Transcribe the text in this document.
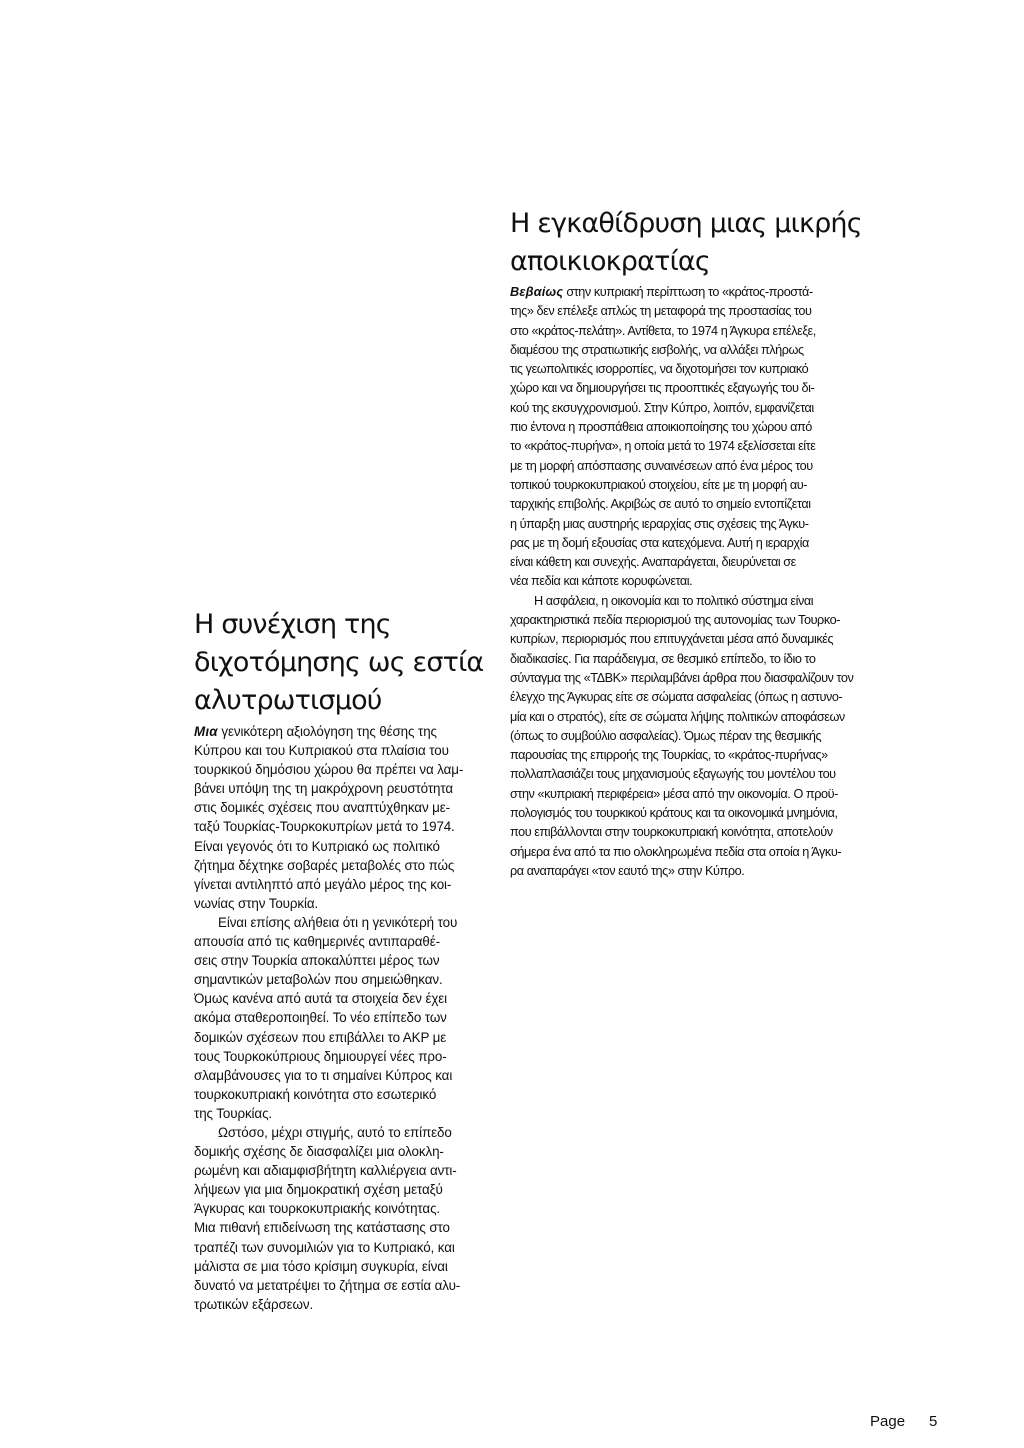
Η συνέχιση της
διχοτόμησης ως εστία
αλυτρωτισμού
Μια γενικότερη αξιολόγηση της θέσης της
Κύπρου και του Κυπριακού στα πλαίσια του
τουρκικού δημόσιου χώρου θα πρέπει να λαμ-
βάνει υπόψη της τη μακρόχρονη ρευστότητα
στις δομικές σχέσεις που αναπτύχθηκαν με-
ταξύ Τουρκίας-Τουρκοκυπρίων μετά το 1974.
Είναι γεγονός ότι το Κυπριακό ως πολιτικό
ζήτημα δέχτηκε σοβαρές μεταβολές στο πώς
γίνεται αντιληπτό από μεγάλο μέρος της κοι-
νωνίας στην Τουρκία.
Είναι επίσης αλήθεια ότι η γενικότερή του
απουσία από τις καθημερινές αντιπαραθέ-
σεις στην Τουρκία αποκαλύπτει μέρος των
σημαντικών μεταβολών που σημειώθηκαν.
Όμως κανένα από αυτά τα στοιχεία δεν έχει
ακόμα σταθεροποιηθεί. Το νέο επίπεδο των
δομικών σχέσεων που επιβάλλει το ΑΚΡ με
τους Τουρκοκύπριους δημιουργεί νέες προ-
σλαμβάνουσες για το τι σημαίνει Κύπρος και
τουρκοκυπριακή κοινότητα στο εσωτερικό
της Τουρκίας.
Ωστόσο, μέχρι στιγμής, αυτό το επίπεδο
δομικής σχέσης δε διασφαλίζει μια ολοκλη-
ρωμένη και αδιαμφισβήτητη καλλιέργεια αντι-
λήψεων για μια δημοκρατική σχέση μεταξύ
Άγκυρας και τουρκοκυπριακής κοινότητας.
Μια πιθανή επιδείνωση της κατάστασης στο
τραπέζι των συνομιλιών για το Κυπριακό, και
μάλιστα σε μια τόσο κρίσιμη συγκυρία, είναι
δυνατό να μετατρέψει το ζήτημα σε εστία αλυ-
τρωτικών εξάρσεων.
Η εγκαθίδρυση μιας μικρής
αποικιοκρατίας
Βεβαίως στην κυπριακή περίπτωση το «κράτος-προστά-
της» δεν επέλεξε απλώς τη μεταφορά της προστασίας του
στο «κράτος-πελάτη». Αντίθετα, το 1974 η Άγκυρα επέλεξε,
διαμέσου της στρατιωτικής εισβολής, να αλλάξει πλήρως
τις γεωπολιτικές ισορροπίες, να διχοτομήσει τον κυπριακό
χώρο και να δημιουργήσει τις προοπτικές εξαγωγής του δι-
κού της εκσυγχρονισμού. Στην Κύπρο, λοιπόν, εμφανίζεται
πιο έντονα η προσπάθεια αποικιοποίησης του χώρου από
το «κράτος-πυρήνα», η οποία μετά το 1974 εξελίσσεται είτε
με τη μορφή απόσπασης συναινέσεων από ένα μέρος του
τοπικού τουρκοκυπριακού στοιχείου, είτε με τη μορφή αυ-
ταρχικής επιβολής. Ακριβώς σε αυτό το σημείο εντοπίζεται
η ύπαρξη μιας αυστηρής ιεραρχίας στις σχέσεις της Άγκυ-
ρας με τη δομή εξουσίας στα κατεχόμενα. Αυτή η ιεραρχία
είναι κάθετη και συνεχής. Αναπαράγεται, διευρύνεται σε
νέα πεδία και κάποτε κορυφώνεται.
Η ασφάλεια, η οικονομία και το πολιτικό σύστημα είναι
χαρακτηριστικά πεδία περιορισμού της αυτονομίας των Τουρκο-
κυπρίων, περιορισμός που επιτυγχάνεται μέσα από δυναμικές
διαδικασίες. Για παράδειγμα, σε θεσμικό επίπεδο, το ίδιο το
σύνταγμα της «ΤΔΒΚ» περιλαμβάνει άρθρα που διασφαλίζουν τον
έλεγχο της Άγκυρας είτε σε σώματα ασφαλείας (όπως η αστυνο-
μία και ο στρατός), είτε σε σώματα λήψης πολιτικών αποφάσεων
(όπως το συμβούλιο ασφαλείας). Όμως πέραν της θεσμικής
παρουσίας της επιρροής της Τουρκίας, το «κράτος-πυρήνας»
πολλαπλασιάζει τους μηχανισμούς εξαγωγής του μοντέλου του
στην «κυπριακή περιφέρεια» μέσα από την οικονομία. Ο προϋ-
πολογισμός του τουρκικού κράτους και τα οικονομικά μνημόνια,
που επιβάλλονται στην τουρκοκυπριακή κοινότητα, αποτελούν
σήμερα ένα από τα πιο ολοκληρωμένα πεδία στα οποία η Άγκυ-
ρα αναπαράγει «τον εαυτό της» στην Κύπρο.
Page 5
